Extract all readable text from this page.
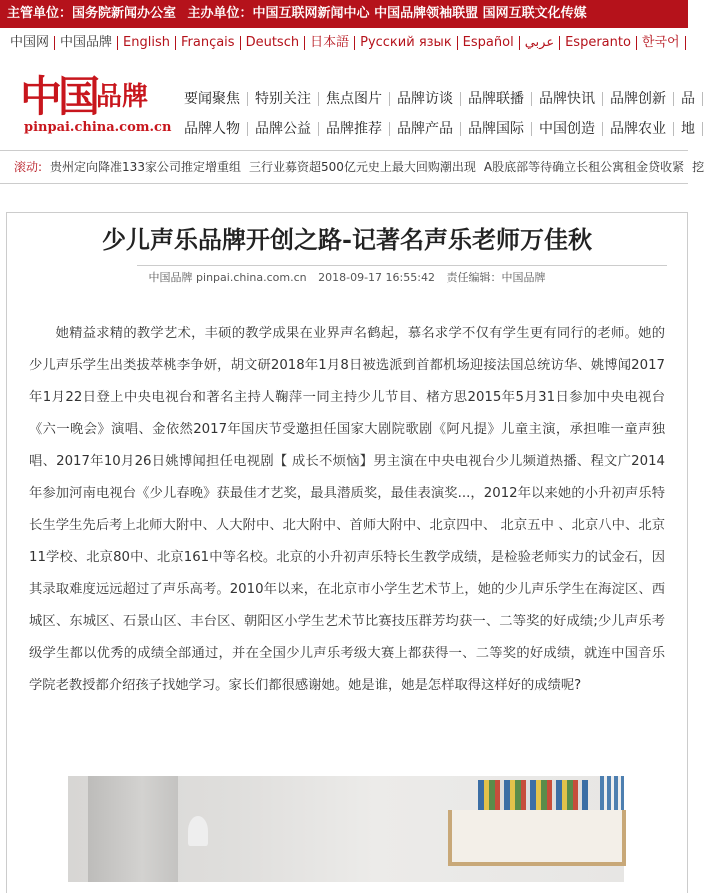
主管单位：国务院新闻办公室 主办单位：中国互联网新闻中心 中国品牌领袖联盟 国网互联文化传媒
中国网 中国品牌 English Français Deutsch 日本語 Русский язык Español عربي Esperanto 한국어
中国 品牌
pinpai.china.com.cn
要闻聚焦 特别关注 焦点图片 品牌访谈 品牌联播 品牌快讯 品牌创新 品
品牌人物 品牌公益 品牌推荐 品牌产品 品牌国际 中国创造 品牌农业 地
滚动: 贵州定向降准133家公司推定增重组 三行业募资超500亿元史上最大回购潮出现 A股底部等待确立长租公寓租金贷收紧 挖
少儿声乐品牌开创之路-记著名声乐老师万佳秋
中国品牌 pinpai.china.com.cn 2018-09-17 16:55:42 责任编辑：中国品牌

她精益求精的教学艺术，丰硕的教学成果在业界声名鹤起，慕名求学不仅有学生更有同行的老师。她的少儿声乐学生出类拔萃桃李争妍，胡文研2018年1月8日被选派到首都机场迎接法国总统访华、姚博闻2017年1月22日登上中央电视台和著名主持人鞠萍一同主持少儿节目、楮方思2015年5月31日参加中央电视台《六一晚会》演唱、金依然2017年国庆节受邀担任国家大剧院歌剧《阿凡提》儿童主演，承担唯一童声独唱、2017年10月26日姚博闻担任电视剧【 成长不烦恼】男主演在中央电视台少儿频道热播、程文广2014年参加河南电视台《少儿春晚》获最佳才艺奖，最具潜质奖，最佳表演奖...，2012年以来她的小升初声乐特长生学生先后考上北师大附中、人大附中、北大附中、首师大附中、北京四中、 北京五中 、北京八中、北京11学校、北京80中、北京161中等名校。北京的小升初声乐特长生教学成绩，是检验老师实力的试金石，因其录取难度远远超过了声乐高考。2010年以来，在北京市小学生艺术节上，她的少儿声乐学生在海淀区、西城区、东城区、石景山区、丰台区、朝阳区小学生艺术节比赛技压群芳均获一、二等奖的好成绩;少儿声乐考级学生都以优秀的成绩全部通过，并在全国少儿声乐考级大赛上都获得一、二等奖的好成绩，就连中国音乐学院老教授都介绍孩子找她学习。家长们都很感谢她。她是谁，她是怎样取得这样好的成绩呢?
